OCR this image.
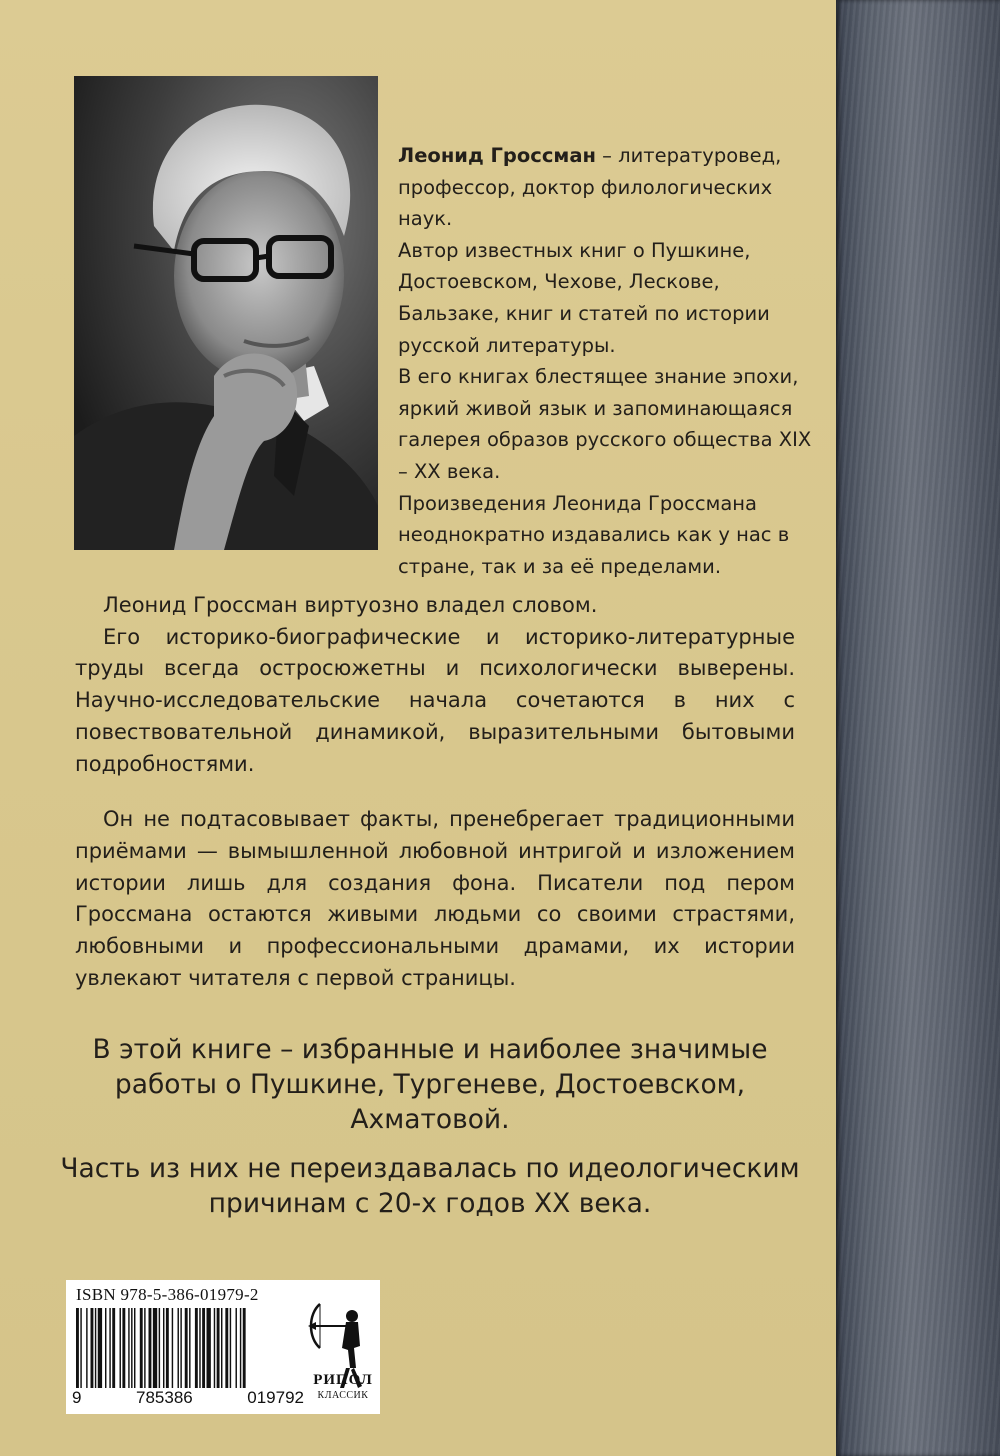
Леонид Гроссман – литературовед, профессор, доктор филологических наук.

Автор известных книг о Пушкине, Достоевском, Чехове, Лескове, Бальзаке, книг и статей по истории русской литературы.

В его книгах блестящее знание эпохи, яркий живой язык и запоминающаяся галерея образов русского общества XIX – XX века.

Произведения Леонида Гроссмана неоднократно издавались как у нас в стране, так и за её пределами.

Леонид Гроссман виртуозно владел словом.

Его историко-биографические и историко-литературные труды всегда остросюжетны и психологически выверены. Научно-исследовательские начала сочетаются в них с повествовательной динамикой, выразительными бытовыми подробностями.

Он не подтасовывает факты, пренебрегает традиционными приёмами — вымышленной любовной интригой и изложением истории лишь для создания фона. Писатели под пером Гроссмана остаются живыми людьми со своими страстями, любовными и профессиональными драмами, их истории увлекают читателя с первой страницы.

В этой книге – избранные и наиболее значимые работы о Пушкине, Тургеневе, Достоевском, Ахматовой.

Часть из них не переиздавалась по идеологическим причинам с 20-х годов XX века.

ISBN 978-5-386-01979-2
9	785386	019792
РИПОЛ
КЛАССИК
